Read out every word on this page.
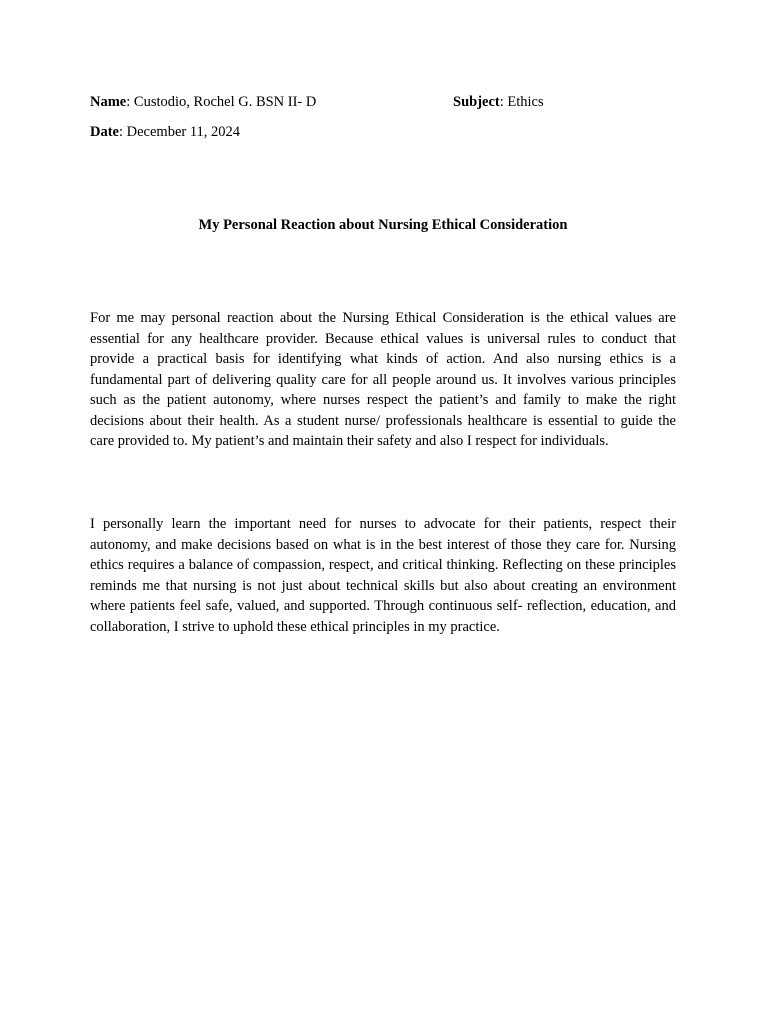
Name: Custodio, Rochel G. BSN II- D	Subject: Ethics
Date: December 11, 2024
My Personal Reaction about Nursing Ethical Consideration

For me may personal reaction about the Nursing Ethical Consideration is the ethical values are essential for any healthcare provider. Because ethical values is universal rules to conduct that provide a practical basis for identifying what kinds of action. And also nursing ethics is a fundamental part of delivering quality care for all people around us. It involves various principles such as the patient autonomy, where nurses respect the patient’s and family to make the right decisions about their health. As a student nurse/ professionals healthcare is essential to guide the care provided to. My patient’s and maintain their safety and also I respect for individuals.

I personally learn the important need for nurses to advocate for their patients, respect their autonomy, and make decisions based on what is in the best interest of those they care for. Nursing ethics requires a balance of compassion, respect, and critical thinking. Reflecting on these principles reminds me that nursing is not just about technical skills but also about creating an environment where patients feel safe, valued, and supported. Through continuous self- reflection, education, and collaboration, I strive to uphold these ethical principles in my practice.
